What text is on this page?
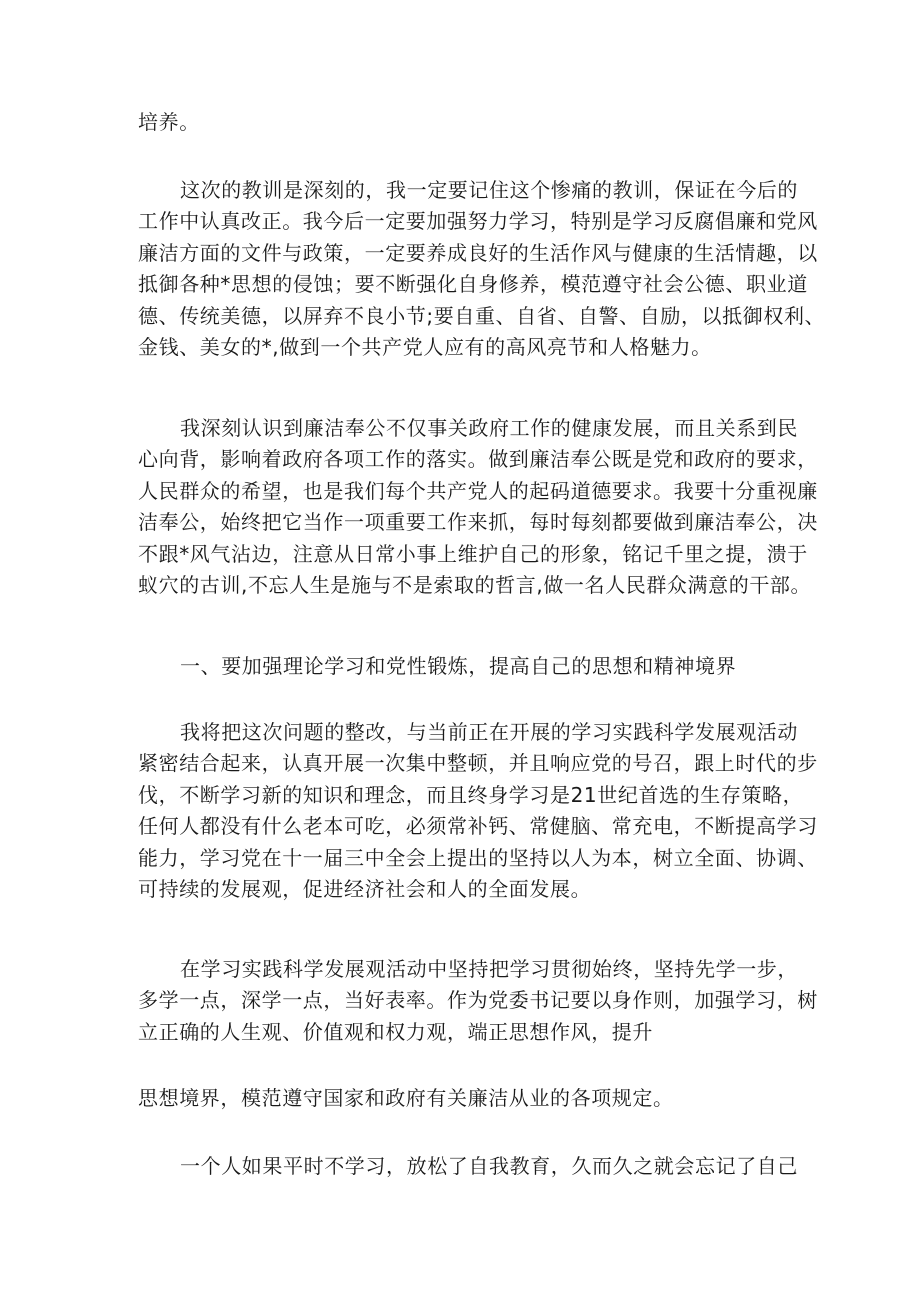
培养。
这次的教训是深刻的，我一定要记住这个惨痛的教训，保证在今后的
工作中认真改正。我今后一定要加强努力学习，特别是学习反腐倡廉和党风
廉洁方面的文件与政策，一定要养成良好的生活作风与健康的生活情趣，以
抵御各种*思想的侵蚀；要不断强化自身修养，模范遵守社会公德、职业道
德、传统美德，以屏弃不良小节;要自重、自省、自警、自励，以抵御权利、
金钱、美女的*,做到一个共产党人应有的高风亮节和人格魅力。
我深刻认识到廉洁奉公不仅事关政府工作的健康发展，而且关系到民
心向背，影响着政府各项工作的落实。做到廉洁奉公既是党和政府的要求，
人民群众的希望，也是我们每个共产党人的起码道德要求。我要十分重视廉
洁奉公，始终把它当作一项重要工作来抓，每时每刻都要做到廉洁奉公，决
不跟*风气沾边，注意从日常小事上维护自己的形象，铭记千里之提，溃于
蚁穴的古训,不忘人生是施与不是索取的哲言,做一名人民群众满意的干部。
一、要加强理论学习和党性锻炼，提高自己的思想和精神境界
我将把这次问题的整改，与当前正在开展的学习实践科学发展观活动
紧密结合起来，认真开展一次集中整顿，并且响应党的号召，跟上时代的步
伐，不断学习新的知识和理念，而且终身学习是21世纪首选的生存策略，
任何人都没有什么老本可吃，必须常补钙、常健脑、常充电，不断提高学习
能力，学习党在十一届三中全会上提出的坚持以人为本，树立全面、协调、
可持续的发展观，促进经济社会和人的全面发展。
在学习实践科学发展观活动中坚持把学习贯彻始终，坚持先学一步，
多学一点，深学一点，当好表率。作为党委书记要以身作则，加强学习，树
立正确的人生观、价值观和权力观，端正思想作风，提升
思想境界，模范遵守国家和政府有关廉洁从业的各项规定。
一个人如果平时不学习，放松了自我教育，久而久之就会忘记了自己
